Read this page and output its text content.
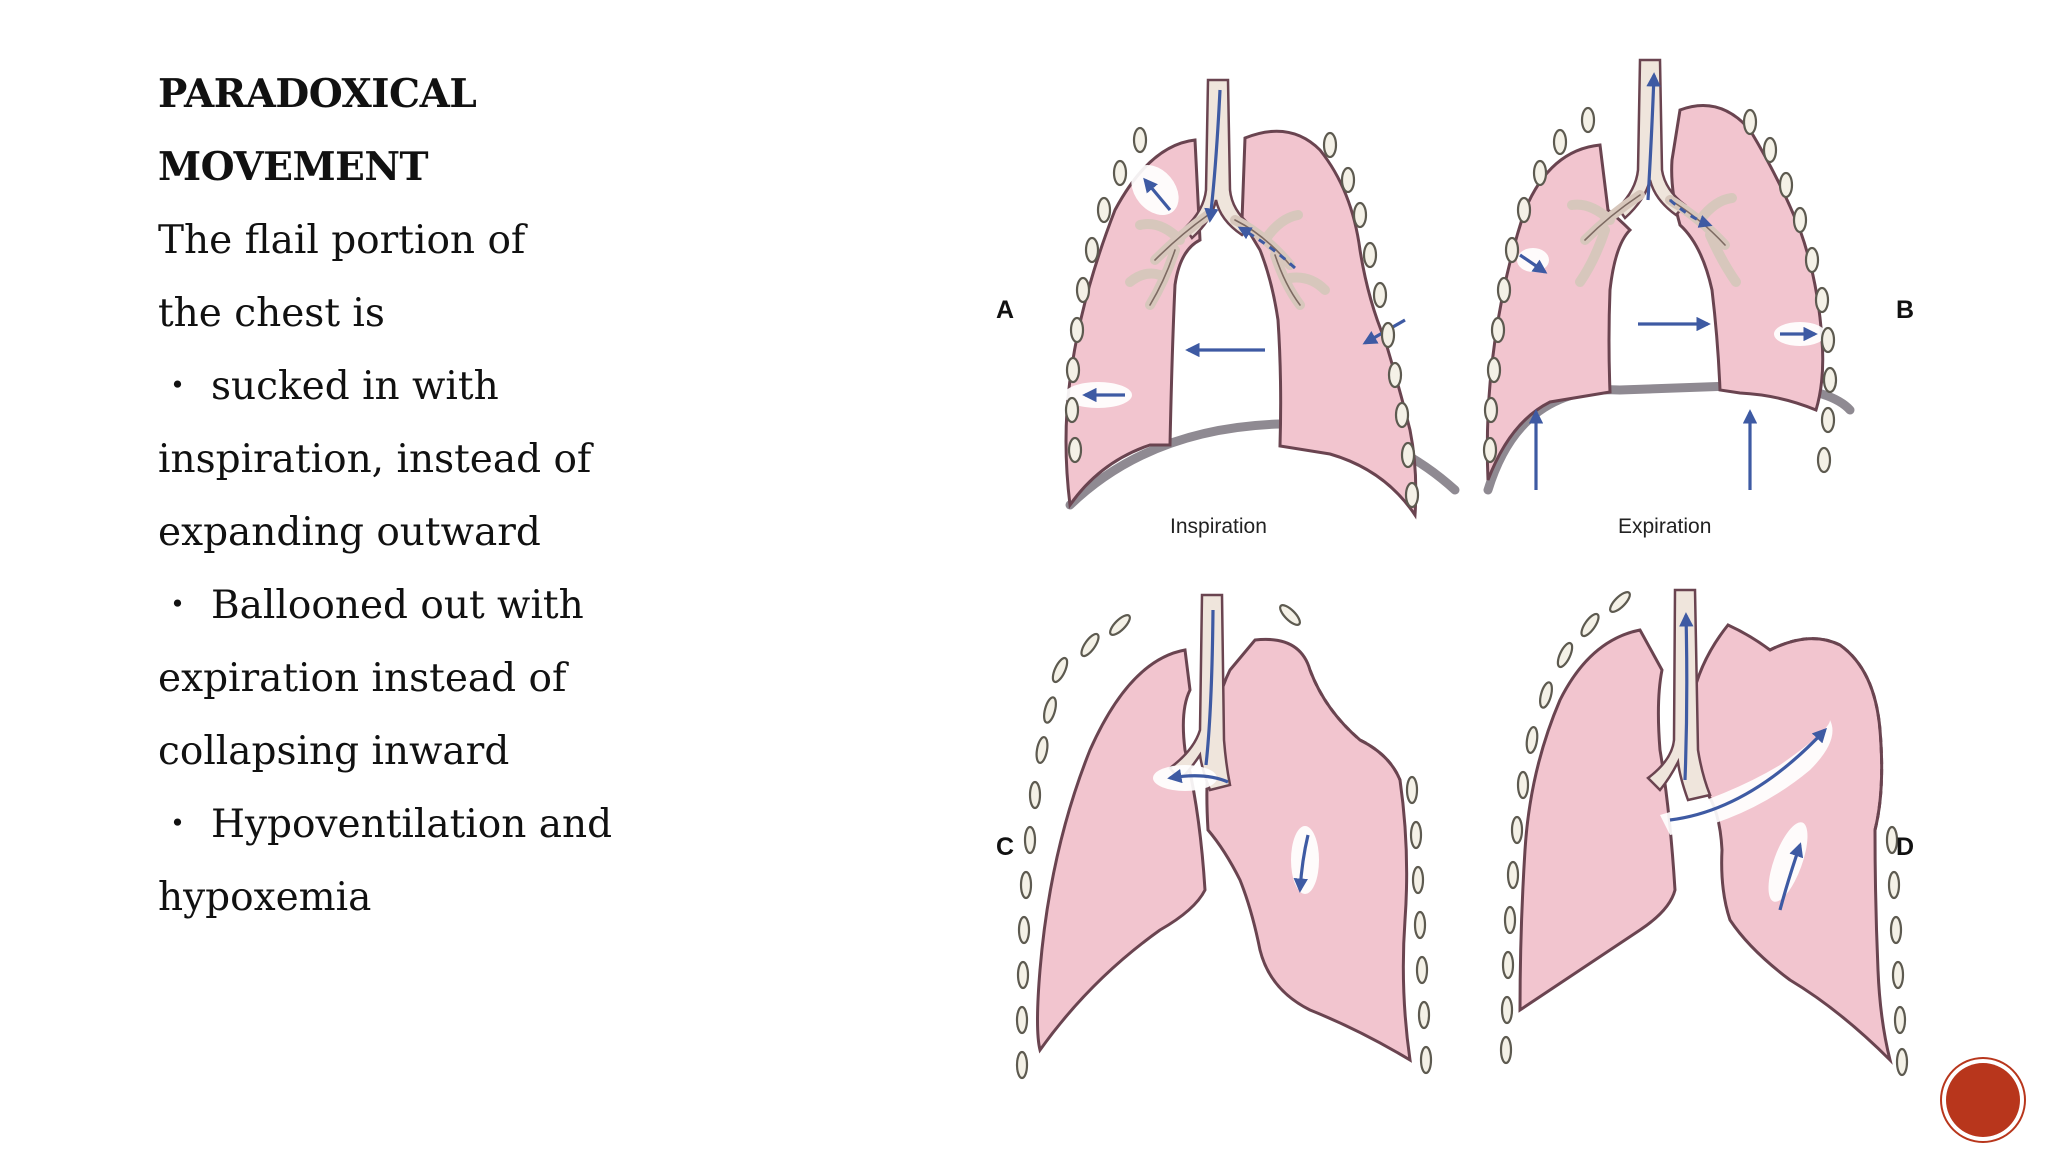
PARADOXICAL
MOVEMENT
The flail portion of
the chest is
・ sucked in with
inspiration, instead of
expanding outward
・ Ballooned out with
expiration instead of
collapsing inward
・ Hypoventilation and
hypoxemia
A
Inspiration
B
Expiration
C	D
